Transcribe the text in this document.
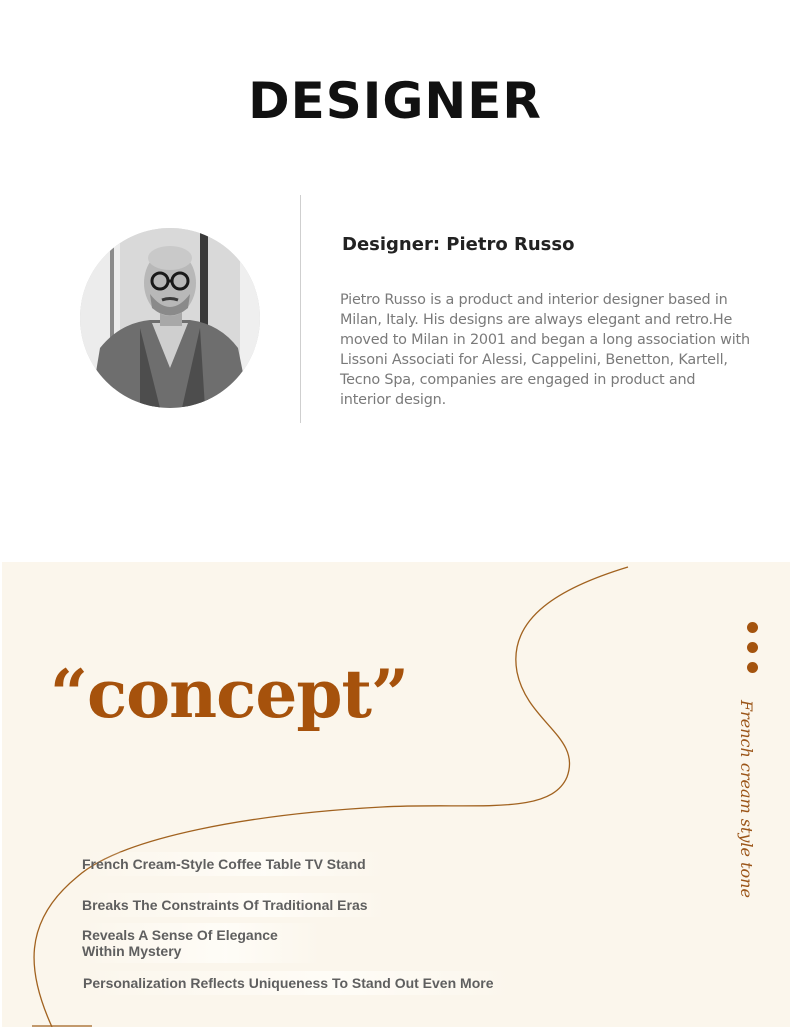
DESIGNER
Designer: Pietro Russo

Pietro Russo is a product and interior designer based in Milan, Italy. His designs are always elegant and retro.He moved to Milan in 2001 and began a long association with Lissoni Associati for Alessi, Cappelini, Benetton, Kartell, Tecno Spa, companies are engaged in product and interior design.

“concept”
French cream style tone

French Cream-Style Coffee Table TV Stand

Breaks The Constraints Of Traditional Eras

Reveals A Sense Of Elegance
Within Mystery

Personalization Reflects Uniqueness To Stand Out Even More
